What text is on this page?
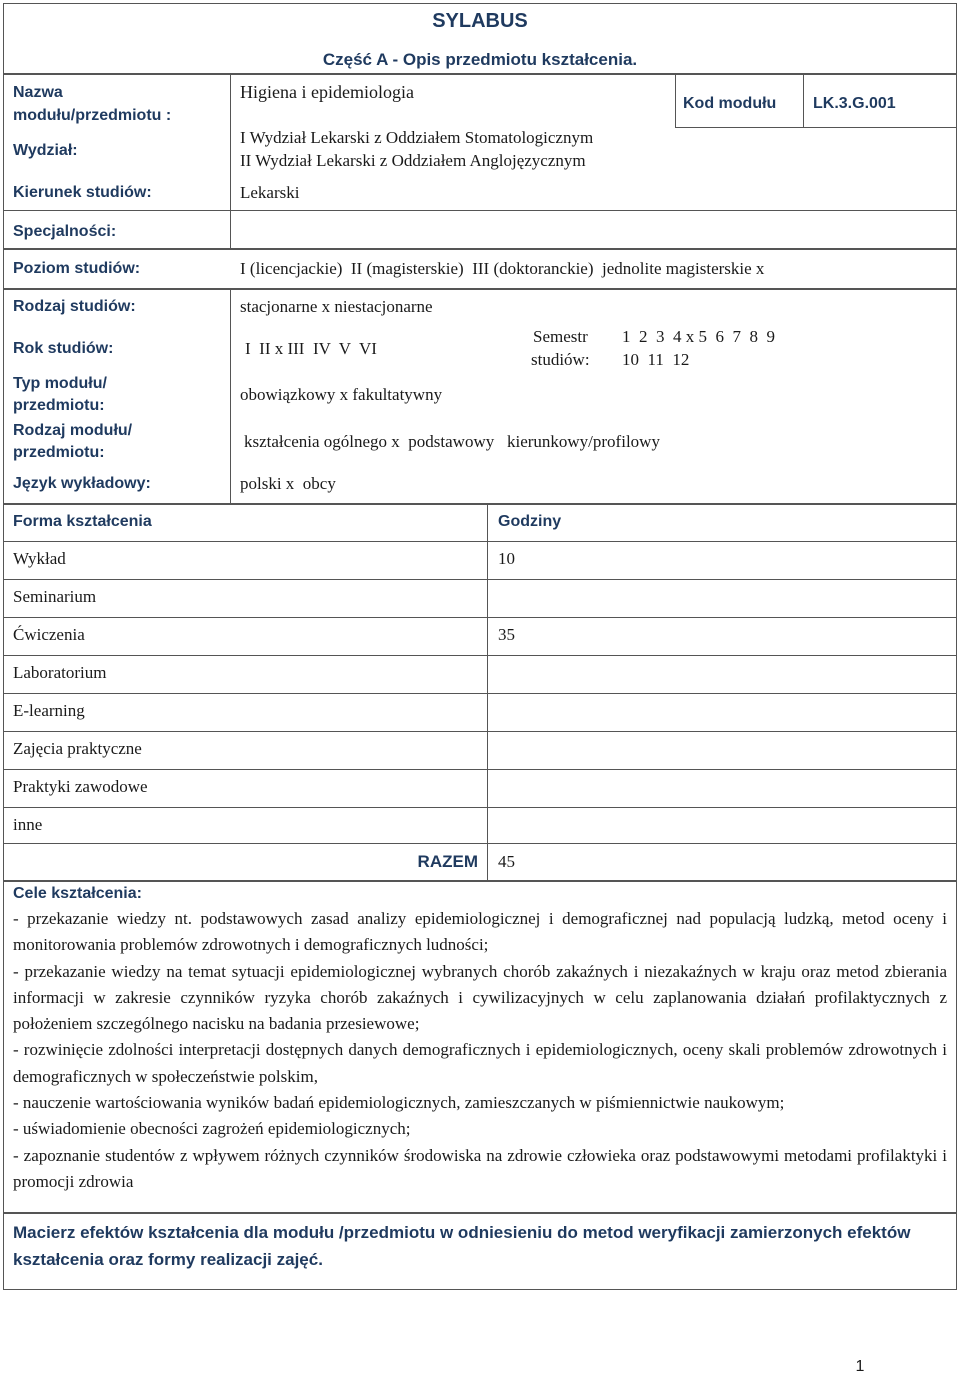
SYLABUS
Część A - Opis przedmiotu kształcenia.
Nazwa modułu/przedmiotu :
Higiena i epidemiologia
Kod modułu LK.3.G.001
Wydział:
I Wydział Lekarski z Oddziałem Stomatologicznym
II Wydział Lekarski z Oddziałem Anglojęzycznym
Kierunek studiów:	Lekarski
Specjalności:
Poziom studiów:	I (licencjackie)  II (magisterskie)  III (doktoranckie)  jednolite magisterskie x
Rodzaj studiów:	stacjonarne x niestacjonarne
Rok studiów:	I  II x III  IV  V  VI
Semestr
studiów:
1  2  3  4 x 5  6  7  8  9
10  11  12
Typ modułu/ przedmiotu:
obowiązkowy x fakultatywny
Rodzaj modułu/ przedmiotu:
kształcenia ogólnego x  podstawowy   kierunkowy/profilowy
Język wykładowy:	polski x  obcy
Forma kształcenia	Godziny
Wykład	10
Seminarium
Ćwiczenia	35
Laboratorium
E-learning
Zajęcia praktyczne
Praktyki zawodowe
inne
RAZEM 45
Cele kształcenia:

- przekazanie wiedzy nt. podstawowych zasad analizy epidemiologicznej i demograficznej nad populacją ludzką, metod oceny i monitorowania problemów zdrowotnych i demograficznych ludności;

- przekazanie wiedzy na temat sytuacji epidemiologicznej wybranych chorób zakaźnych i niezakaźnych w kraju oraz metod zbierania informacji w zakresie czynników ryzyka chorób zakaźnych i cywilizacyjnych w celu zaplanowania działań profilaktycznych z położeniem szczególnego nacisku na badania przesiewowe;

- rozwinięcie zdolności interpretacji dostępnych danych demograficznych i epidemiologicznych, oceny skali problemów zdrowotnych i demograficznych w społeczeństwie polskim,

- nauczenie wartościowania wyników badań epidemiologicznych, zamieszczanych w piśmiennictwie naukowym;

- uświadomienie obecności zagrożeń epidemiologicznych;

- zapoznanie studentów z wpływem różnych czynników środowiska na zdrowie człowieka oraz podstawowymi metodami profilaktyki i promocji zdrowia

Macierz efektów kształcenia dla modułu /przedmiotu w odniesieniu do metod weryfikacji zamierzonych efektów kształcenia oraz formy realizacji zajęć.
1
